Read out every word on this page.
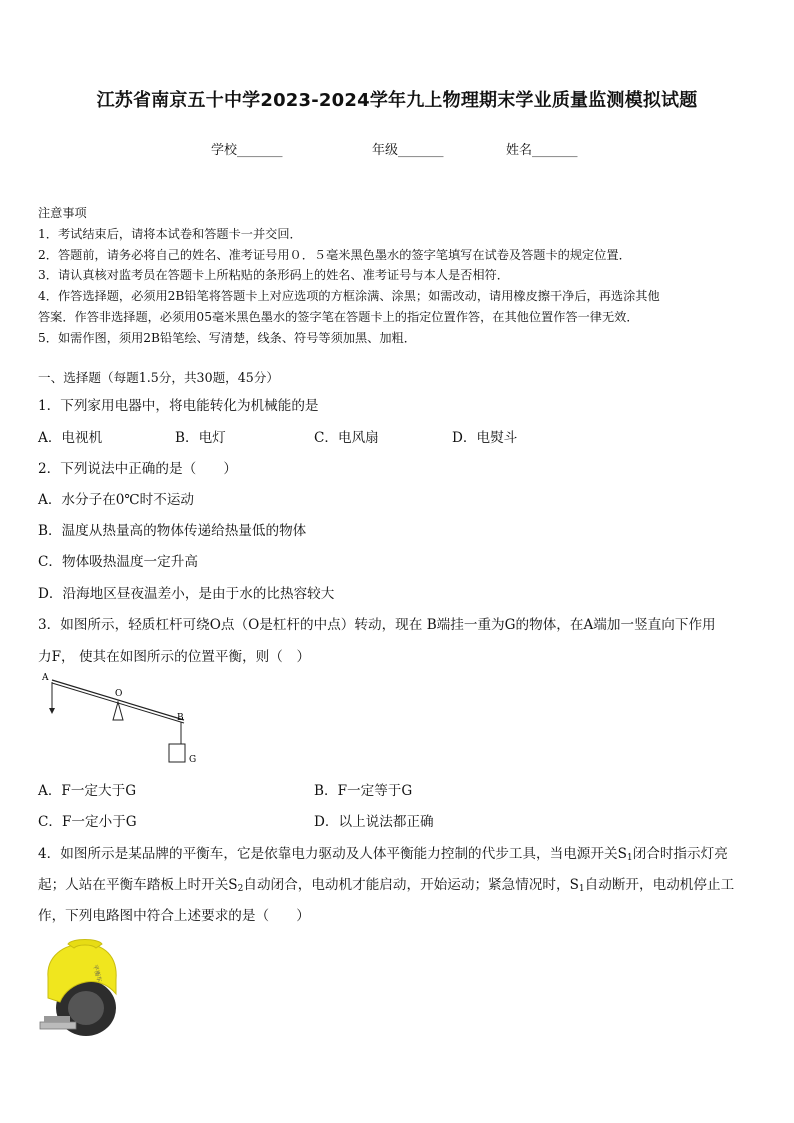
江苏省南京五十中学2023-2024学年九上物理期末学业质量监测模拟试题
学校_______	年级_______	姓名_______
注意事项
1．考试结束后，请将本试卷和答题卡一并交回．
2．答题前，请务必将自己的姓名、准考证号用０．５毫米黑色墨水的签字笔填写在试卷及答题卡的规定位置．
3．请认真核对监考员在答题卡上所粘贴的条形码上的姓名、准考证号与本人是否相符．
4．作答选择题，必须用2B铅笔将答题卡上对应选项的方框涂满、涂黑；如需改动，请用橡皮擦干净后，再选涂其他
答案．作答非选择题，必须用05毫米黑色墨水的签字笔在答题卡上的指定位置作答，在其他位置作答一律无效．
5．如需作图，须用2B铅笔绘、写清楚，线条、符号等须加黑、加粗．
一、选择题（每题1.5分，共30题，45分）
1．下列家用电器中，将电能转化为机械能的是
A．电视机	B．电灯	C．电风扇	D．电熨斗
2．下列说法中正确的是（　　）
A．水分子在0℃时不运动
B．温度从热量高的物体传递给热量低的物体
C．物体吸热温度一定升高
D．沿海地区昼夜温差小，是由于水的比热容较大
3．如图所示，轻质杠杆可绕O点（O是杠杆的中点）转动，现在 B端挂一重为G的物体，在A端加一竖直向下作用
力F， 使其在如图所示的位置平衡，则（　）
A
O
B
G
A．F一定大于G	B．F一定等于G
C．F一定小于G	D．以上说法都正确
4．如图所示是某品牌的平衡车，它是依靠电力驱动及人体平衡能力控制的代步工具，当电源开关$S_1$闭合时指示灯亮
起；人站在平衡车踏板上时开关$S_2$自动闭合，电动机才能启动，开始运动；紧急情况时，$S_1$自动断开，电动机停止工
作，下列电路图中符合上述要求的是（　　）
平衡车
